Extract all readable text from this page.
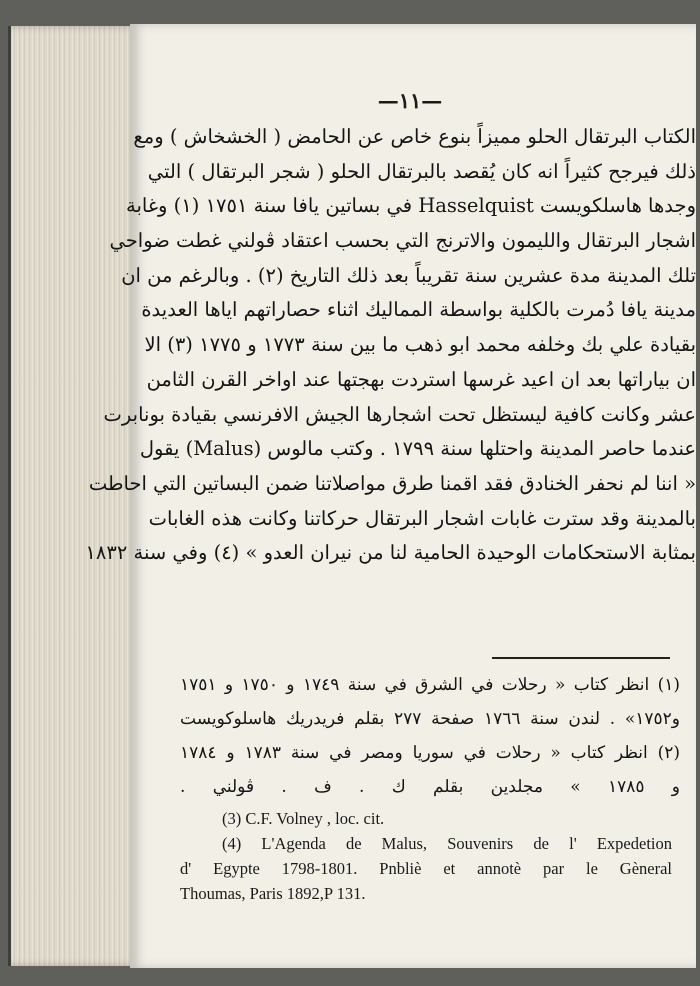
—١١—
الكتاب البرتقال الحلو مميزاً بنوع خاص عن الحامض ( الخشخاش ) ومع
ذلك فيرجح كثيراً انه كان يُقصد بالبرتقال الحلو ( شجر البرتقال ) التي
وجدها هاسلكويست Hasselquist في بساتين يافا سنة ١٧٥١ (١) وغابة
اشجار البرتقال والليمون والاترنج التي بحسب اعتقاد ڤولني غطت ضواحي
تلك المدينة مدة عشرين سنة تقريباً بعد ذلك التاريخ (٢) . وبالرغم من ان
مدينة يافا دُمرت بالكلية بواسطة المماليك اثناء حصاراتهم اياها العديدة
بقيادة علي بك وخلفه محمد ابو ذهب ما بين سنة ١٧٧٣ و ١٧٧٥ (٣) الا
ان بياراتها بعد ان اعيد غرسها استردت بهجتها عند اواخر القرن الثامن
عشر وكانت كافية ليستظل تحت اشجارها الجيش الافرنسي بقيادة بونابرت
عندما حاصر المدينة واحتلها سنة ١٧٩٩ . وكتب مالوس (Malus) يقول
« اننا لم نحفر الخنادق فقد اقمنا طرق مواصلاتنا ضمن البساتين التي احاطت
بالمدينة وقد سترت غابات اشجار البرتقال حركاتنا وكانت هذه الغابات
بمثابة الاستحكامات الوحيدة الحامية لنا من نيران العدو » (٤) وفي سنة ١٨٣٢
(١) انظر كتاب « رحلات في الشرق في سنة ١٧٤٩ و ١٧٥٠ و ١٧٥١
و١٧٥٢» . لندن سنة ١٧٦٦ صفحة ٢٧٧ بقلم فريدريك هاسلوكويست
(٢) انظر كتاب « رحلات في سوريا ومصر في سنة ١٧٨٣ و ١٧٨٤
و ١٧٨٥ » مجلدين بقلم ك . ف . ڤولني .
(3) C.F. Volney , loc. cit.
(4) L'Agenda de Malus, Souvenirs de l' Expedetion
d' Egypte 1798-1801. Pnbliè et annotè par le Gèneral
Thoumas, Paris 1892,P 131.
